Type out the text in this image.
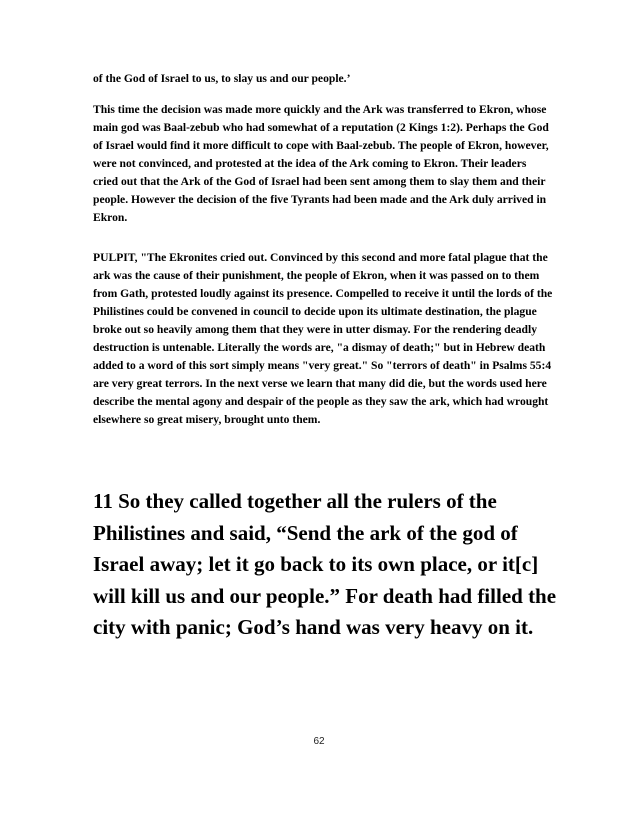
of the God of Israel to us, to slay us and our people.’

This time the decision was made more quickly and the Ark was transferred to Ekron, whose main god was Baal-zebub who had somewhat of a reputation (2 Kings 1:2). Perhaps the God of Israel would find it more difficult to cope with Baal-zebub. The people of Ekron, however, were not convinced, and protested at the idea of the Ark coming to Ekron. Their leaders cried out that the Ark of the God of Israel had been sent among them to slay them and their people. However the decision of the five Tyrants had been made and the Ark duly arrived in Ekron.

PULPIT, "The Ekronites cried out. Convinced by this second and more fatal plague that the ark was the cause of their punishment, the people of Ekron, when it was passed on to them from Gath, protested loudly against its presence. Compelled to receive it until the lords of the Philistines could be convened in council to decide upon its ultimate destination, the plague broke out so heavily among them that they were in utter dismay. For the rendering deadly destruction is untenable. Literally the words are, "a dismay of death;" but in Hebrew death added to a word of this sort simply means "very great." So "terrors of death" in Psalms 55:4 are very great terrors. In the next verse we learn that many did die, but the words used here describe the mental agony and despair of the people as they saw the ark, which had wrought elsewhere so great misery, brought unto them.

11 So they called together all the rulers of the Philistines and said, “Send the ark of the god of Israel away; let it go back to its own place, or it[c] will kill us and our people.” For death had filled the city with panic; God’s hand was very heavy on it.

62
